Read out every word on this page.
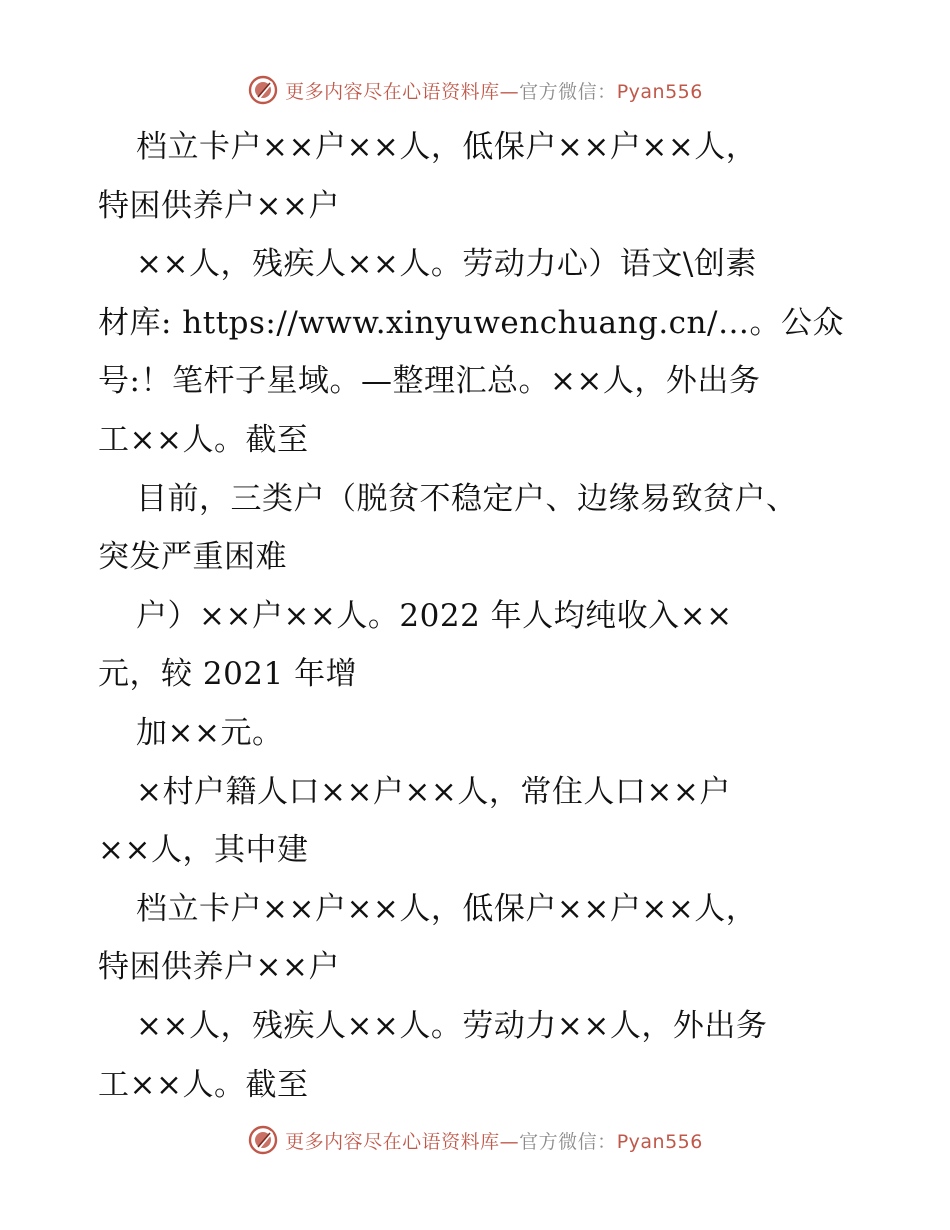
更多内容尽在心语资料库—官方微信：Pyan556
档立卡户××户××人，低保户××户××人，
特困供养户××户
××人，残疾人××人。劳动力心）语文\创素
材库: https://www.xinyuwenchuang.cn/…。公众
号:！笔杆子星域。—整理汇总。××人，外出务
工××人。截至
目前，三类户（脱贫不稳定户、边缘易致贫户、
突发严重困难
户）××户××人。2022 年人均纯收入××
元，较 2021 年增
加××元。
×村户籍人口××户××人，常住人口××户
××人，其中建
档立卡户××户××人，低保户××户××人，
特困供养户××户
××人，残疾人××人。劳动力××人，外出务
工××人。截至
更多内容尽在心语资料库—官方微信：Pyan556
